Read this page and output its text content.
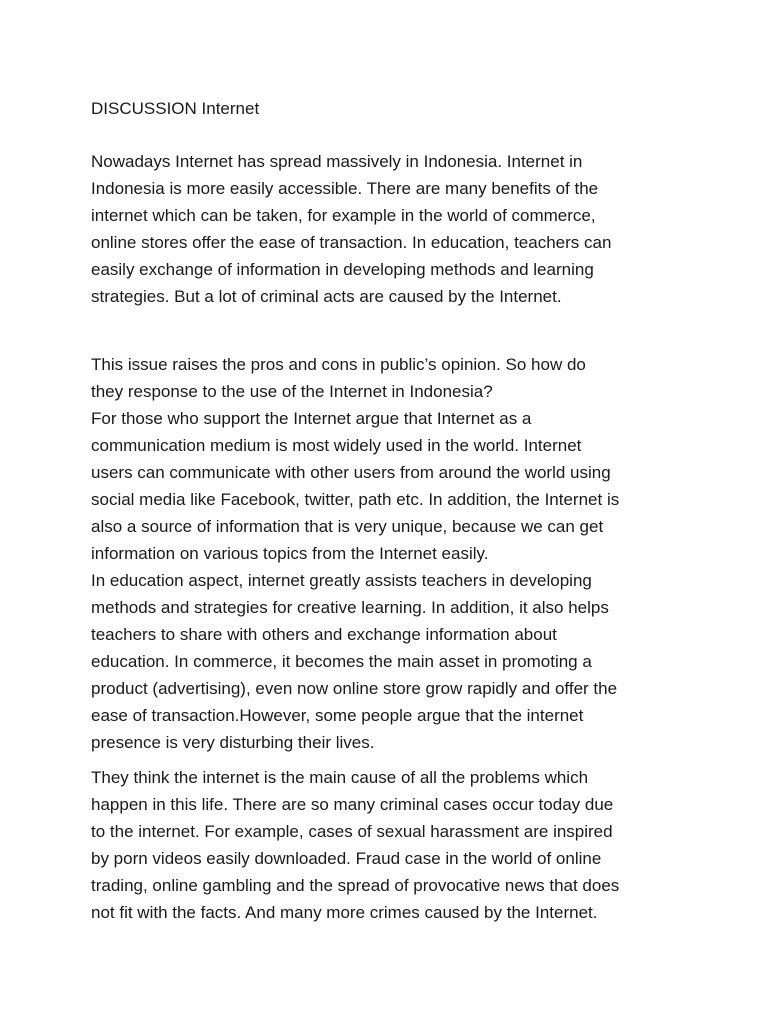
DISCUSSION Internet

Nowadays Internet has spread massively in Indonesia. Internet in
Indonesia is more easily accessible. There are many benefits of the
internet which can be taken, for example in the world of commerce,
online stores offer the ease of transaction. In education, teachers can
easily exchange of information in developing methods and learning
strategies. But a lot of criminal acts are caused by the Internet.

This issue raises the pros and cons in public’s opinion. So how do
they response to the use of the Internet in Indonesia?
For those who support the Internet argue that Internet as a
communication medium is most widely used in the world. Internet
users can communicate with other users from around the world using
social media like Facebook, twitter, path etc. In addition, the Internet is
also a source of information that is very unique, because we can get
information on various topics from the Internet easily.

In education aspect, internet greatly assists teachers in developing
methods and strategies for creative learning. In addition, it also helps
teachers to share with others and exchange information about
education. In commerce, it becomes the main asset in promoting a
product (advertising), even now online store grow rapidly and offer the
ease of transaction.However, some people argue that the internet
presence is very disturbing their lives.

They think the internet is the main cause of all the problems which
happen in this life. There are so many criminal cases occur today due
to the internet. For example, cases of sexual harassment are inspired
by porn videos easily downloaded. Fraud case in the world of online
trading, online gambling and the spread of provocative news that does
not fit with the facts. And many more crimes caused by the Internet.
